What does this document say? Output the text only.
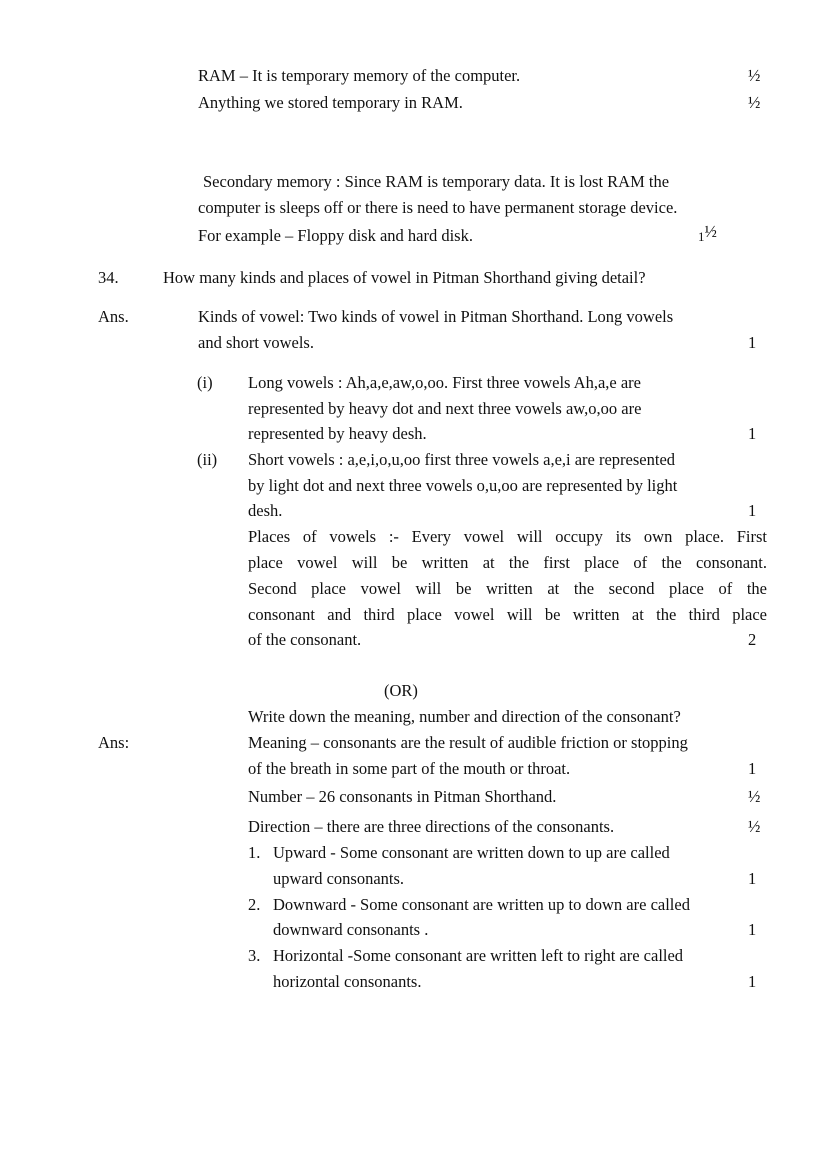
RAM – It is temporary memory of the computer.	½
Anything we stored temporary in RAM.	½
Secondary memory : Since RAM is temporary data. It is lost RAM the
computer is sleeps off or there is need to have permanent storage device.
For example – Floppy disk and hard disk.	1½
34.	How many kinds and places of vowel in Pitman Shorthand giving detail?
Ans.	Kinds of vowel: Two kinds of vowel in Pitman Shorthand. Long vowels
and short vowels.	1
(i) Long vowels : Ah,a,e,aw,o,oo. First three vowels Ah,a,e are
represented by heavy dot and next three vowels aw,o,oo are
represented by heavy desh.	1
(ii) Short vowels : a,e,i,o,u,oo first three vowels a,e,i are represented
by light dot and next three vowels o,u,oo are represented by light
desh.	1
Places of vowels :- Every vowel will occupy its own place. First
place vowel will be written at the first place of the consonant.
Second place vowel will be written at the second place of the
consonant and third place vowel will be written at the third place
of the consonant.	2
(OR)
Write down the meaning, number and direction of the consonant?
Ans:	Meaning – consonants are the result of audible friction or stopping
of the breath in some part of the mouth or throat.	1
Number – 26 consonants in Pitman Shorthand.	½
Direction – there are three directions of the consonants.	½
1. Upward - Some consonant are written down to up are called
upward consonants.	1
2. Downward - Some consonant are written up to down are called
downward consonants .	1
3. Horizontal -Some consonant are written left to right are called
horizontal consonants.	1
